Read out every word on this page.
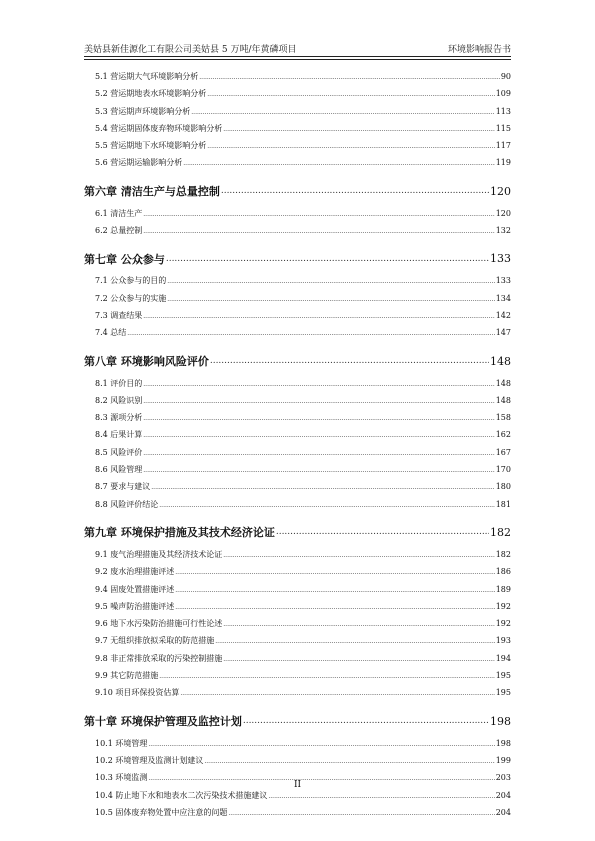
美姑县新佳源化工有限公司美姑县 5 万吨/年黄磷项目	环境影响报告书
5.1 营运期大气环境影响分析 .....	90
5.2 营运期地表水环境影响分析 .....	109
5.3 营运期声环境影响分析 .....	113
5.4 营运期固体废弃物环境影响分析 .....	115
5.5 营运期地下水环境影响分析 .....	117
5.6 营运期运输影响分析 .....	119
第六章 清洁生产与总量控制 .....	120
6.1 清洁生产 .....	120
6.2 总量控制 .....	132
第七章 公众参与 .....	133
7.1 公众参与的目的 .....	133
7.2 公众参与的实施 .....	134
7.3 调查结果 .....	142
7.4 总结 .....	147
第八章 环境影响风险评价 .....	148
8.1 评价目的 .....	148
8.2 风险识别 .....	148
8.3 源项分析 .....	158
8.4 后果计算 .....	162
8.5 风险评价 .....	167
8.6 风险管理 .....	170
8.7 要求与建议 .....	180
8.8 风险评价结论 .....	181
第九章 环境保护措施及其技术经济论证 .....	182
9.1 废气治理措施及其经济技术论证 .....	182
9.2 废水治理措施评述 .....	186
9.4 固废处置措施评述 .....	189
9.5 噪声防治措施评述 .....	192
9.6 地下水污染防治措施可行性论述 .....	192
9.7 无组织排放拟采取的防范措施 .....	193
9.8 非正常排放采取的污染控制措施 .....	194
9.9 其它防范措施 .....	195
9.10 项目环保投资估算 .....	195
第十章 环境保护管理及监控计划 .....	198
10.1 环境管理 .....	198
10.2 环境管理及监测计划建议 .....	199
10.3 环境监测 .....	203
10.4 防止地下水和地表水二次污染技术措施建议 .....	204
10.5 固体废弃物处置中应注意的问题 .....	204
II
